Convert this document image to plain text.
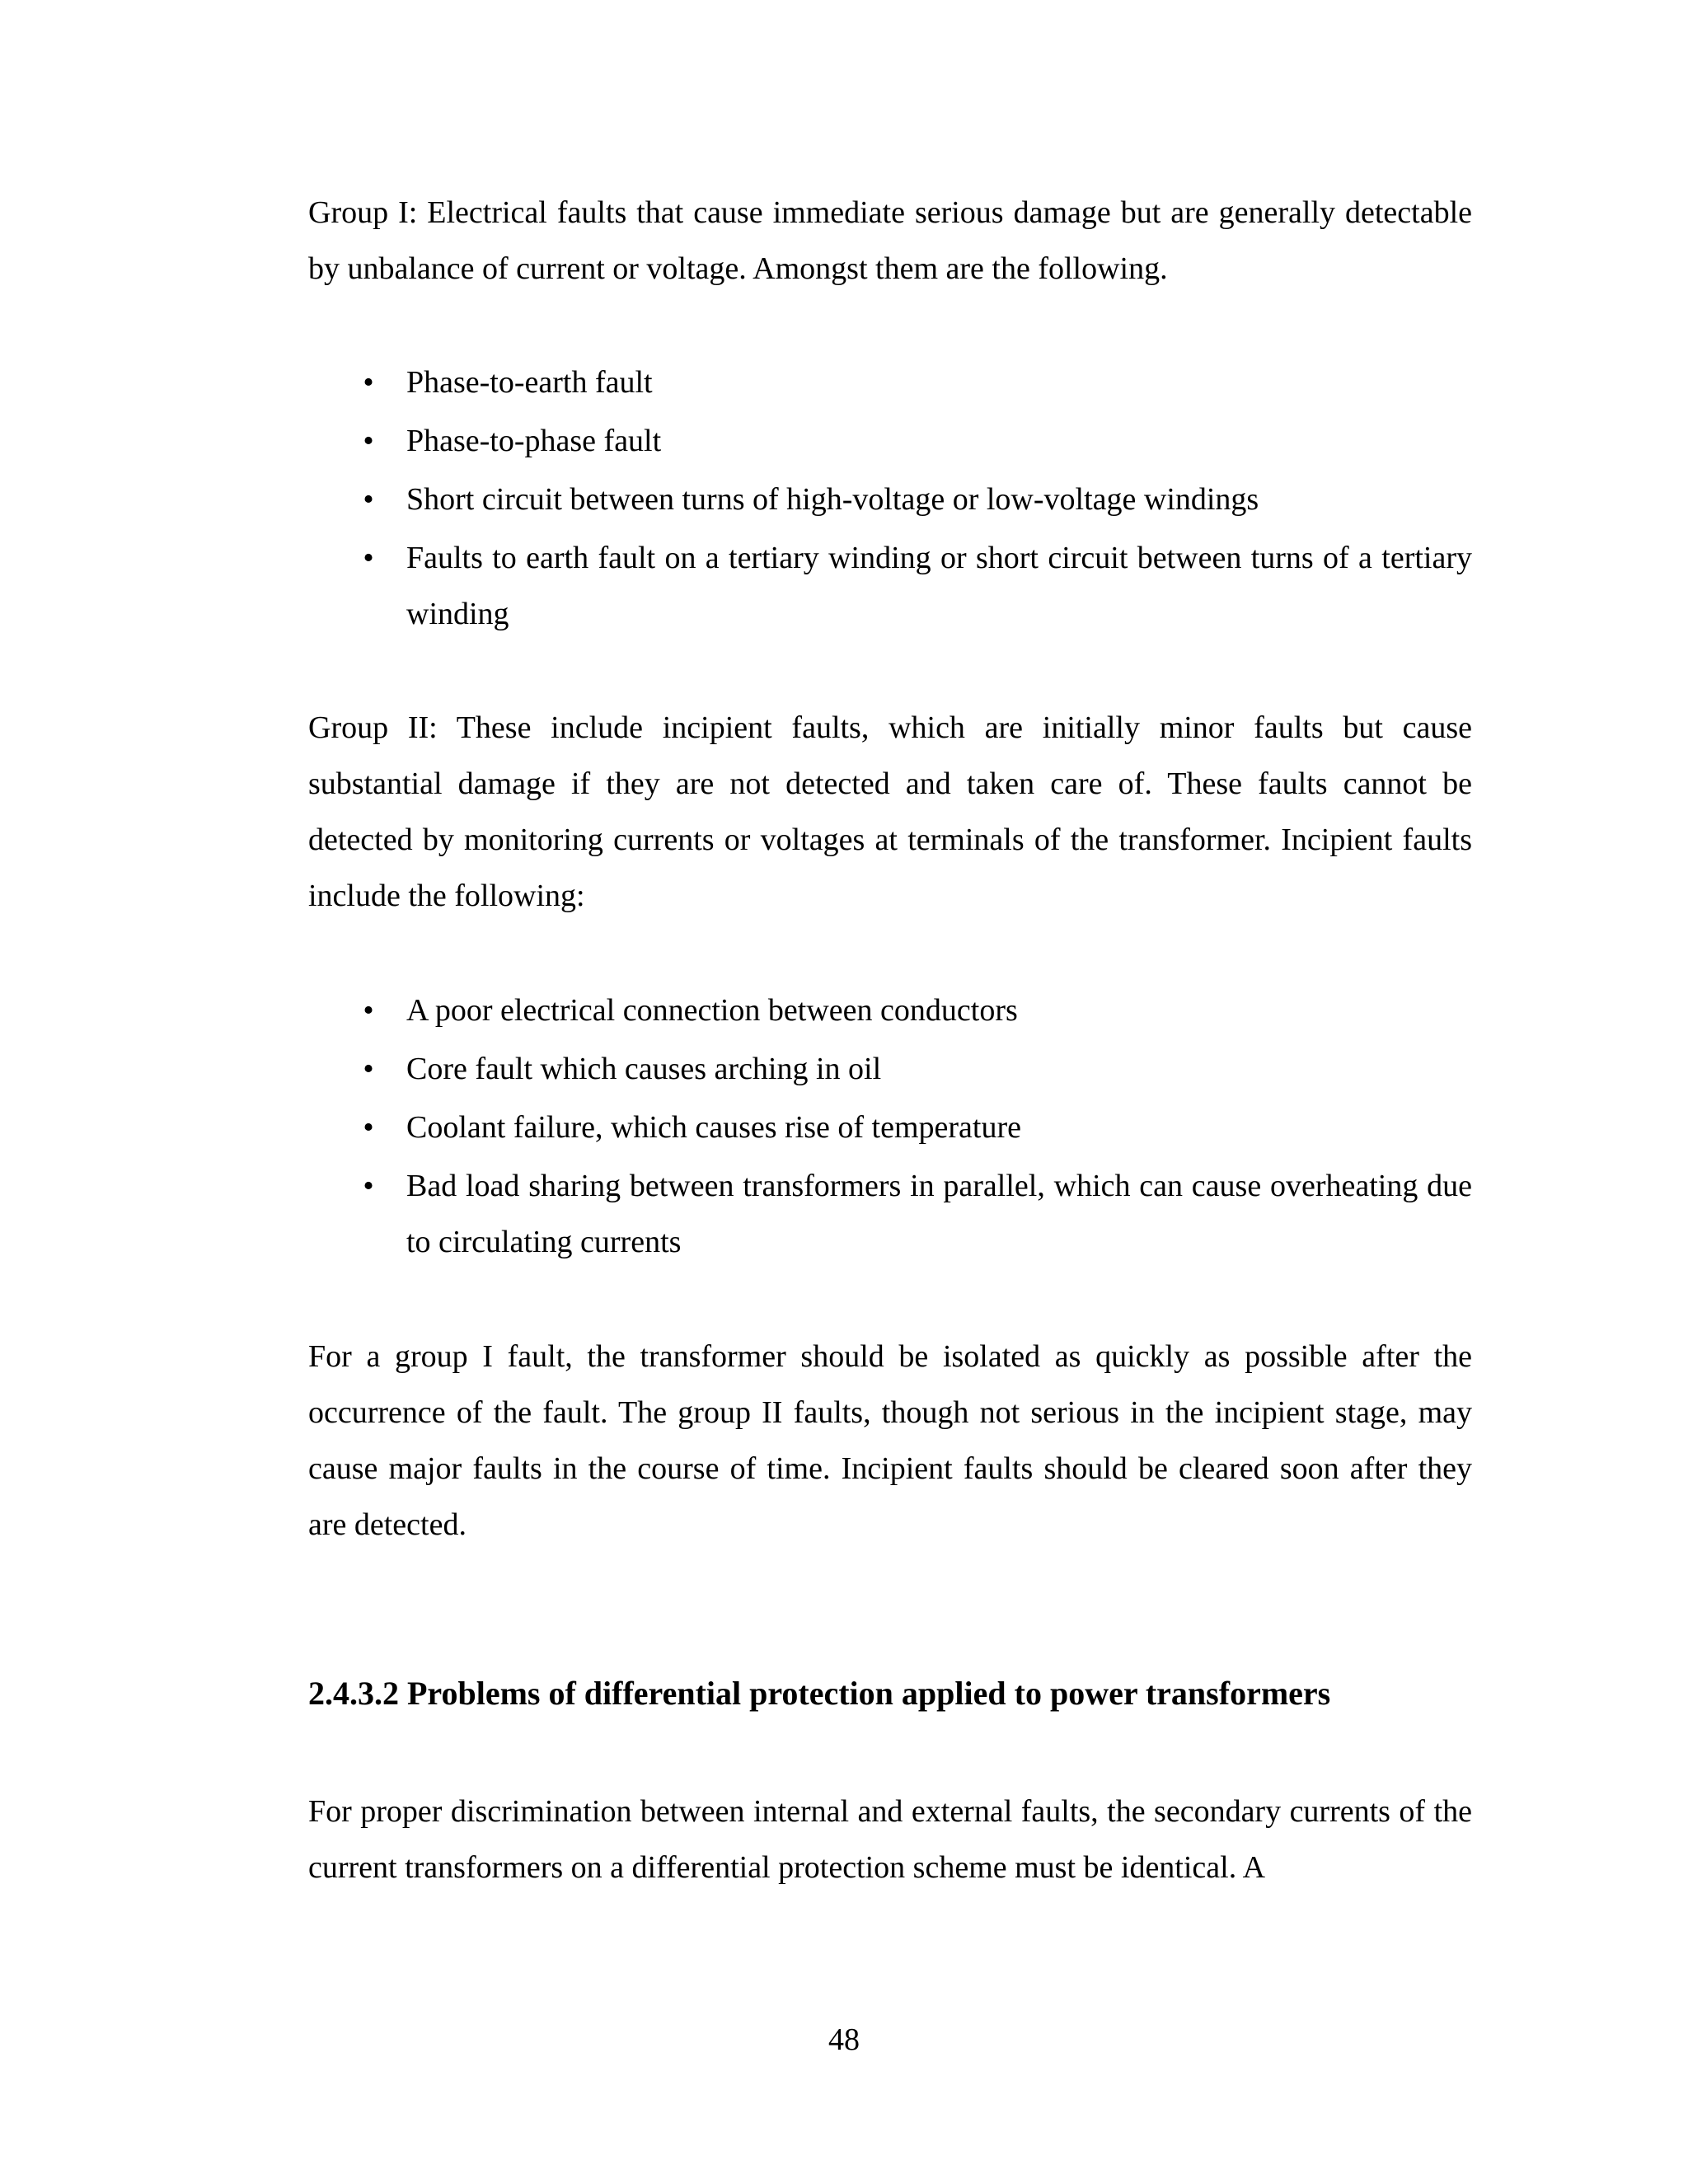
Group I: Electrical faults that cause immediate serious damage but are generally detectable by unbalance of current or voltage. Amongst them are the following.

• Phase-to-earth fault
• Phase-to-phase fault
• Short circuit between turns of high-voltage or low-voltage windings
• Faults to earth fault on a tertiary winding or short circuit between turns of a tertiary winding

Group II: These include incipient faults, which are initially minor faults but cause substantial damage if they are not detected and taken care of. These faults cannot be detected by monitoring currents or voltages at terminals of the transformer. Incipient faults include the following:

• A poor electrical connection between conductors
• Core fault which causes arching in oil
• Coolant failure, which causes rise of temperature
• Bad load sharing between transformers in parallel, which can cause overheating due to circulating currents

For a group I fault, the transformer should be isolated as quickly as possible after the occurrence of the fault. The group II faults, though not serious in the incipient stage, may cause major faults in the course of time. Incipient faults should be cleared soon after they are detected.

2.4.3.2 Problems of differential protection applied to power transformers

For proper discrimination between internal and external faults, the secondary currents of the current transformers on a differential protection scheme must be identical. A

48
